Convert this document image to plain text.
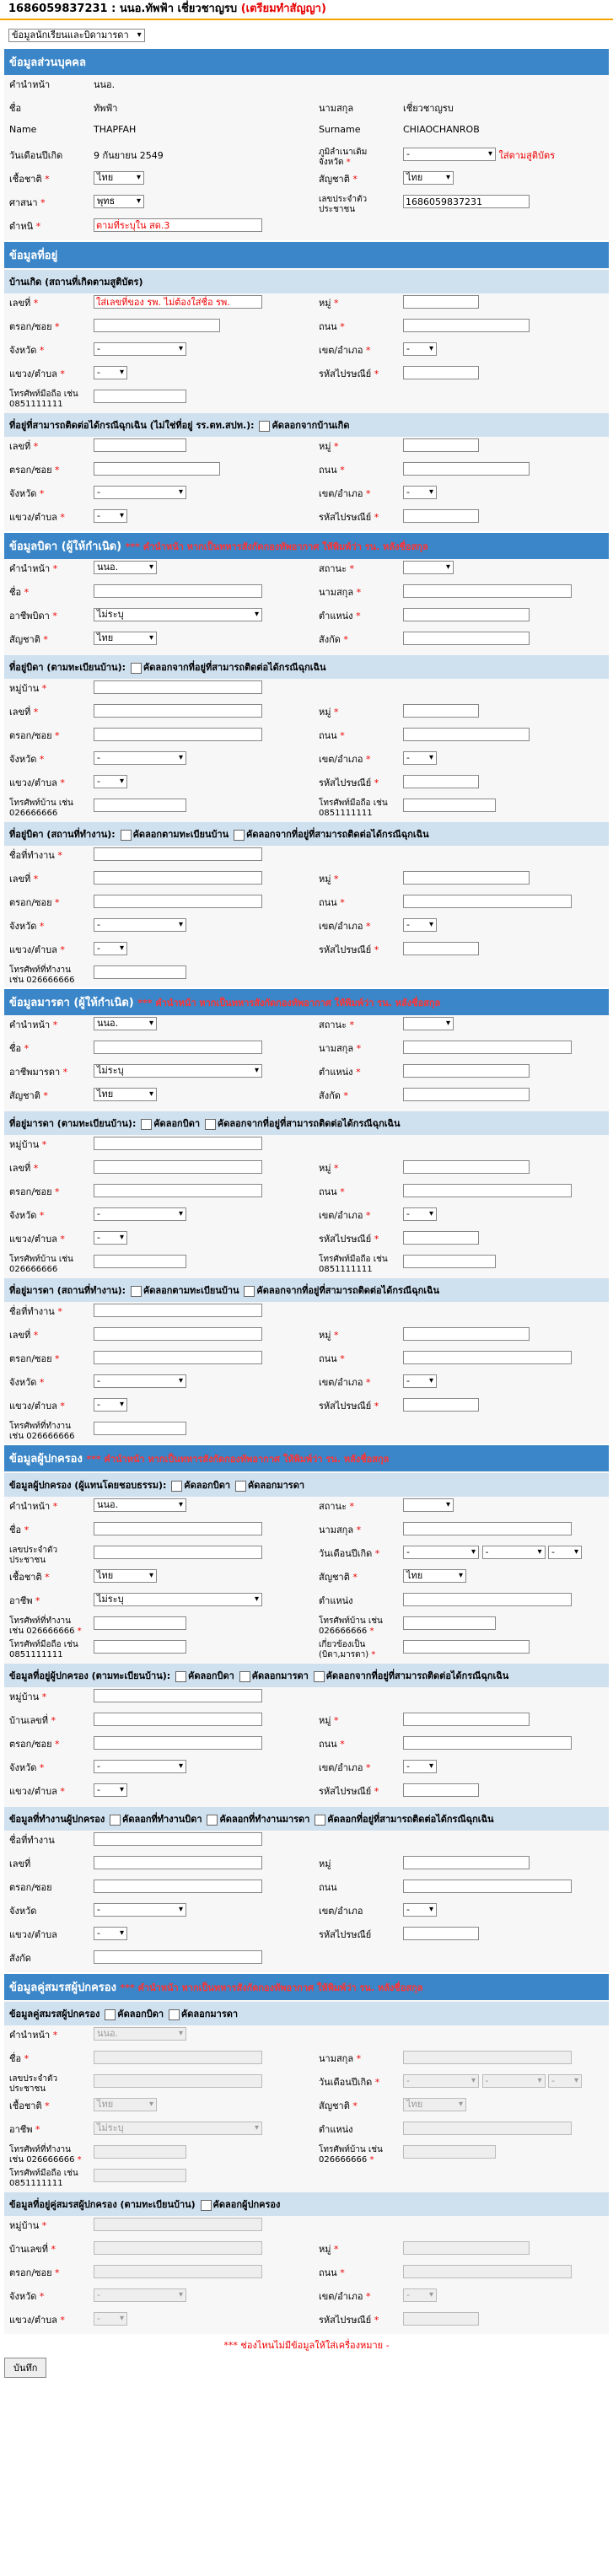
1686059837231 : นนอ.ทัพฟ้า เชี่ยวชาญรบ (เตรียมทำสัญญา)
ข้อมูลนักเรียนและบิดามารดา ▾
ข้อมูลส่วนบุคคล
คำนำหน้า	นนอ.		
ชื่อ	ทัพฟ้า	นามสกุล	เชี่ยวชาญรบ
Name	THAPFAH	Surname	CHIAOCHANROB
วันเดือนปีเกิด	9 กันยายน 2549	ภูมิลำเนาเดิม จังหวัด *	- ▾ ใส่ตามสูติบัตร
เชื้อชาติ *	ไทย ▾	สัญชาติ *	ไทย ▾
ศาสนา *	พุทธ ▾	เลขประจำตัวประชาชน	1686059837231
ตำหนิ *	ตามที่ระบุใน สด.3
ข้อมูลที่อยู่
บ้านเกิด (สถานที่เกิดตามสูติบัตร)
เลขที่ *	ใส่เลขที่ของ รพ. ไม่ต้องใส่ชื่อ รพ.	หมู่ *	
ตรอก/ซอย *		ถนน *	
จังหวัด *	- ▾	เขต/อำเภอ *	- ▾
แขวง/ตำบล *	- ▾	รหัสไปรษณีย์ *	
โทรศัพท์มือถือ เช่น 0851111111			
ที่อยู่ที่สามารถติดต่อได้กรณีฉุกเฉิน (ไม่ใช่ที่อยู่ รร.ตท.สปท.): คัดลอกจากบ้านเกิด
เลขที่ *		หมู่ *	
ตรอก/ซอย *		ถนน *	
จังหวัด *	- ▾	เขต/อำเภอ *	- ▾
แขวง/ตำบล *	- ▾	รหัสไปรษณีย์ *	
ข้อมูลบิดา (ผู้ให้กำเนิด) *** คำนำหน้า หากเป็นทหารสังกัดกองทัพอากาศ ให้พิมพ์ว่า รน. หลังชื่อสกุล
คำนำหน้า *	นนอ. ▾	สถานะ *	▾
ชื่อ *		นามสกุล *	
อาชีพบิดา *	ไม่ระบุ ▾	ตำแหน่ง *	
สัญชาติ *	ไทย ▾	สังกัด *	
ที่อยู่บิดา (ตามทะเบียนบ้าน): คัดลอกจากที่อยู่ที่สามารถติดต่อได้กรณีฉุกเฉิน
หมู่บ้าน *			
เลขที่ *		หมู่ *	
ตรอก/ซอย *		ถนน *	
จังหวัด *	- ▾	เขต/อำเภอ *	- ▾
แขวง/ตำบล *	- ▾	รหัสไปรษณีย์ *	
โทรศัพท์บ้าน เช่น 026666666		โทรศัพท์มือถือ เช่น 0851111111	
ที่อยู่บิดา (สถานที่ทำงาน): คัดลอกตามทะเบียนบ้าน คัดลอกจากที่อยู่ที่สามารถติดต่อได้กรณีฉุกเฉิน
ชื่อที่ทำงาน *			
เลขที่ *		หมู่ *	
ตรอก/ซอย *		ถนน *	
จังหวัด *	- ▾	เขต/อำเภอ *	- ▾
แขวง/ตำบล *	- ▾	รหัสไปรษณีย์ *	
โทรศัพท์ที่ทำงาน เช่น 026666666			
ข้อมูลมารดา (ผู้ให้กำเนิด) *** คำนำหน้า หากเป็นทหารสังกัดกองทัพอากาศ ให้พิมพ์ว่า รน. หลังชื่อสกุล
คำนำหน้า *	นนอ. ▾	สถานะ *	▾
ชื่อ *		นามสกุล *	
อาชีพมารดา *	ไม่ระบุ ▾	ตำแหน่ง *	
สัญชาติ *	ไทย ▾	สังกัด *	
ที่อยู่มารดา (ตามทะเบียนบ้าน): คัดลอกบิดา คัดลอกจากที่อยู่ที่สามารถติดต่อได้กรณีฉุกเฉิน
หมู่บ้าน *			
เลขที่ *		หมู่ *	
ตรอก/ซอย *		ถนน *	
จังหวัด *	- ▾	เขต/อำเภอ *	- ▾
แขวง/ตำบล *	- ▾	รหัสไปรษณีย์ *	
โทรศัพท์บ้าน เช่น 026666666		โทรศัพท์มือถือ เช่น 0851111111	
ที่อยู่มารดา (สถานที่ทำงาน): คัดลอกตามทะเบียนบ้าน คัดลอกจากที่อยู่ที่สามารถติดต่อได้กรณีฉุกเฉิน
ชื่อที่ทำงาน *			
เลขที่ *		หมู่ *	
ตรอก/ซอย *		ถนน *	
จังหวัด *	- ▾	เขต/อำเภอ *	- ▾
แขวง/ตำบล *	- ▾	รหัสไปรษณีย์ *	
โทรศัพท์ที่ทำงาน เช่น 026666666			
ข้อมูลผู้ปกครอง *** คำนำหน้า หากเป็นทหารสังกัดกองทัพอากาศ ให้พิมพ์ว่า รน. หลังชื่อสกุล
ข้อมูลผู้ปกครอง (ผู้แทนโดยชอบธรรม): คัดลอกบิดา คัดลอกมารดา
คำนำหน้า *	นนอ. ▾	สถานะ *	▾
ชื่อ *		นามสกุล *	
เลขประจำตัวประชาชน		วันเดือนปีเกิด *	- ▾ - ▾ - ▾
เชื้อชาติ *	ไทย ▾	สัญชาติ *	ไทย ▾
อาชีพ *	ไม่ระบุ ▾	ตำแหน่ง	
โทรศัพท์ที่ทำงาน เช่น 026666666 *		โทรศัพท์บ้าน เช่น 026666666 *	
โทรศัพท์มือถือ เช่น 0851111111		เกี่ยวข้องเป็น (บิดา,มารดา) *	
ข้อมูลที่อยู่ผู้ปกครอง (ตามทะเบียนบ้าน): คัดลอกบิดา คัดลอกมารดา คัดลอกจากที่อยู่ที่สามารถติดต่อได้กรณีฉุกเฉิน
หมู่บ้าน *			
บ้านเลขที่ *		หมู่ *	
ตรอก/ซอย *		ถนน *	
จังหวัด *	- ▾	เขต/อำเภอ *	- ▾
แขวง/ตำบล *	- ▾	รหัสไปรษณีย์ *	
ข้อมูลที่ทำงานผู้ปกครอง คัดลอกที่ทำงานบิดา คัดลอกที่ทำงานมารดา คัดลอกที่อยู่ที่สามารถติดต่อได้กรณีฉุกเฉิน
ชื่อที่ทำงาน			
เลขที่		หมู่	
ตรอก/ซอย		ถนน	
จังหวัด	- ▾	เขต/อำเภอ	- ▾
แขวง/ตำบล	- ▾	รหัสไปรษณีย์	
สังกัด			
ข้อมูลคู่สมรสผู้ปกครอง *** คำนำหน้า หากเป็นทหารสังกัดกองทัพอากาศ ให้พิมพ์ว่า รน. หลังชื่อสกุล
ข้อมูลคู่สมรสผู้ปกครอง คัดลอกบิดา คัดลอกมารดา
คำนำหน้า *	นนอ. ▾		
ชื่อ *		นามสกุล *	
เลขประจำตัวประชาชน		วันเดือนปีเกิด *	- ▾ - ▾ - ▾
เชื้อชาติ *	ไทย ▾	สัญชาติ *	ไทย ▾
อาชีพ *	ไม่ระบุ ▾	ตำแหน่ง	
โทรศัพท์ที่ทำงาน เช่น 026666666 *		โทรศัพท์บ้าน เช่น 026666666 *	
โทรศัพท์มือถือ เช่น 0851111111			
ข้อมูลที่อยู่คู่สมรสผู้ปกครอง (ตามทะเบียนบ้าน) คัดลอกผู้ปกครอง
หมู่บ้าน *			
บ้านเลขที่ *		หมู่ *	
ตรอก/ซอย *		ถนน *	
จังหวัด *	- ▾	เขต/อำเภอ *	- ▾
แขวง/ตำบล *	- ▾	รหัสไปรษณีย์ *	
*** ช่องไหนไม่มีข้อมูลให้ใส่เครื่องหมาย -
บันทึก
